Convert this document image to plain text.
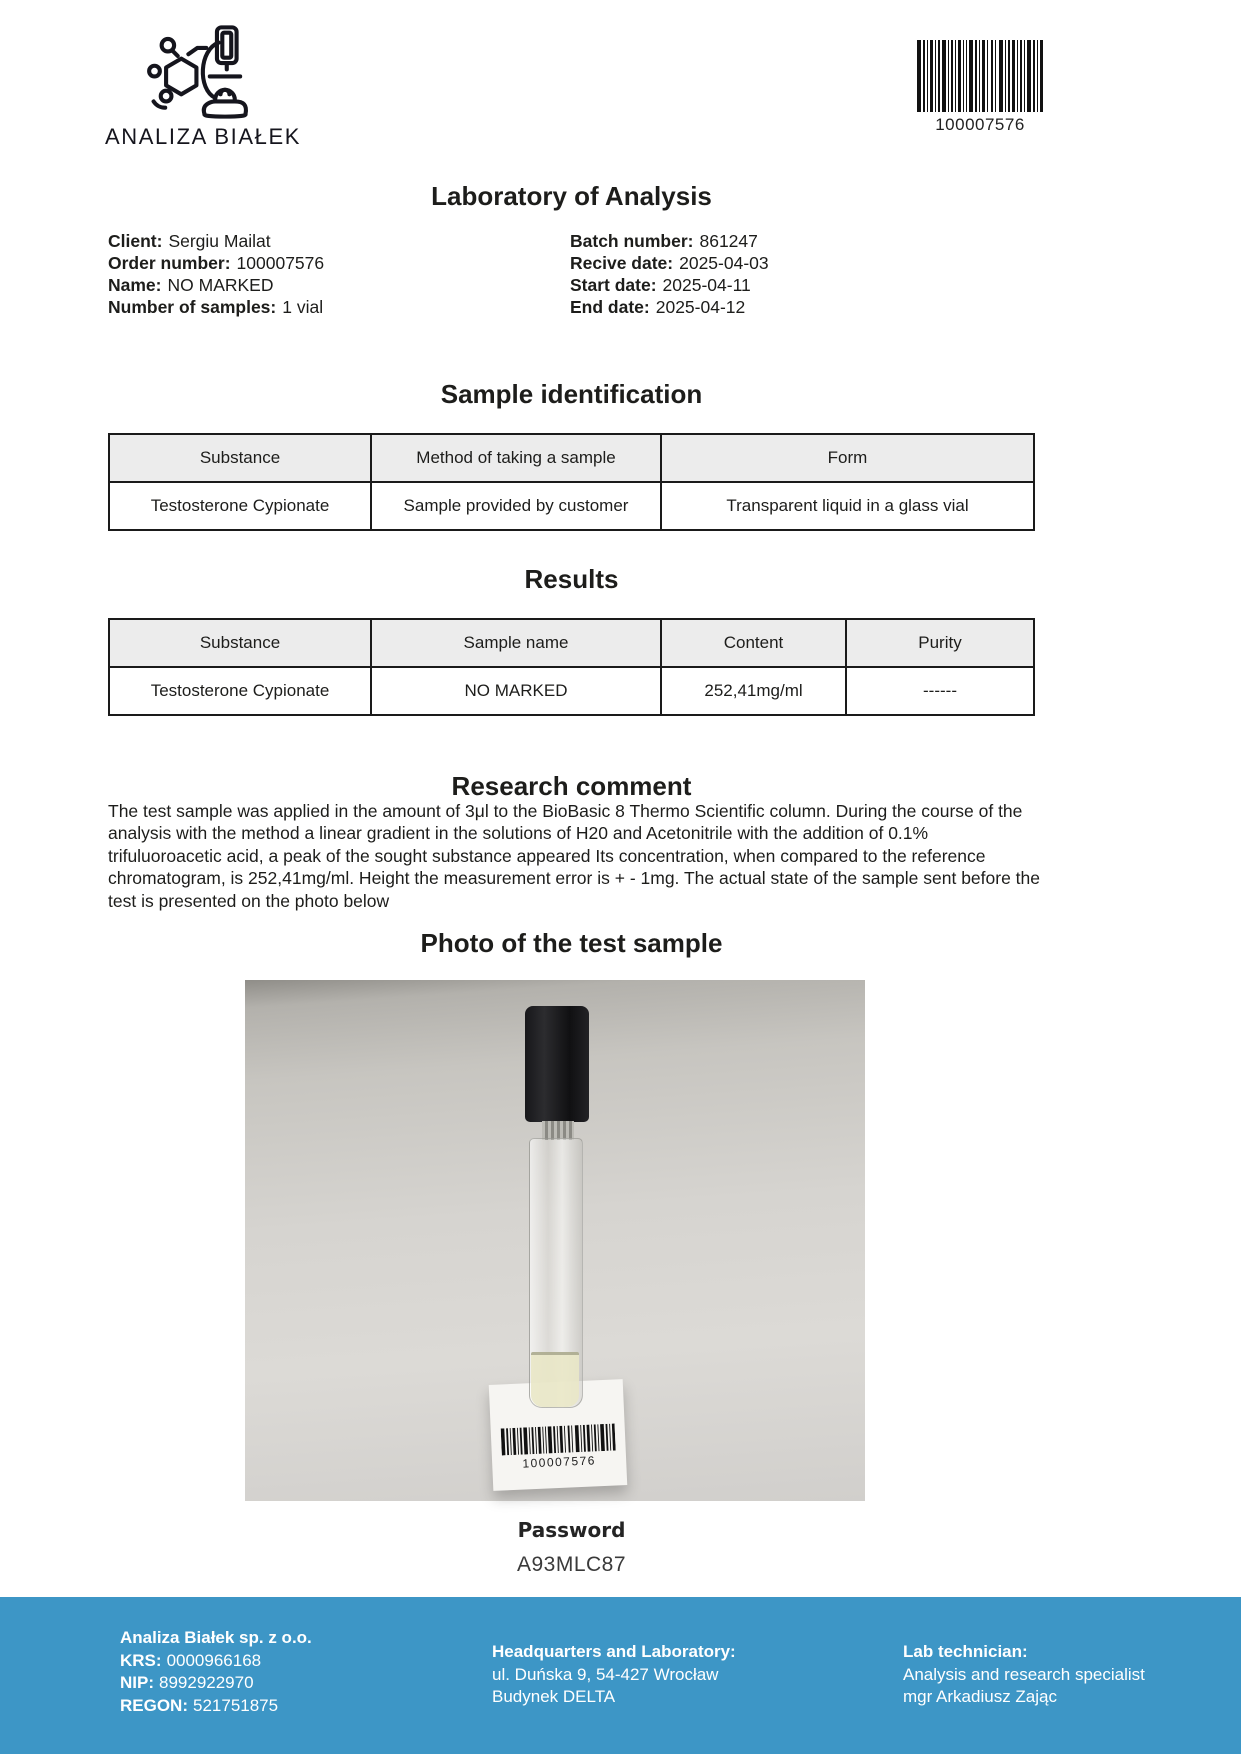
ANALIZA BIAŁEK	100007576
Laboratory of Analysis
Client: Sergiu Mailat
Order number: 100007576
Name: NO MARKED
Number of samples: 1 vial
Batch number: 861247
Recive date: 2025-04-03
Start date: 2025-04-11
End date: 2025-04-12
Sample identification
Substance	Method of taking a sample	Form
Testosterone Cypionate	Sample provided by customer	Transparent liquid in a glass vial
Results
Substance	Sample name	Content	Purity
Testosterone Cypionate	NO MARKED	252,41mg/ml	------
Research comment

The test sample was applied in the amount of 3μl to the BioBasic 8 Thermo Scientific column. During the course of the analysis with the method a linear gradient in the solutions of H20 and Acetonitrile with the addition of 0.1% trifuluoroacetic acid, a peak of the sought substance appeared Its concentration, when compared to the reference chromatogram, is 252,41mg/ml. Height the measurement error is + - 1mg. The actual state of the sample sent before the test is presented on the photo below

Photo of the test sample
100007576
Password
A93MLC87
Analiza Białek sp. z o.o.
KRS: 0000966168
NIP: 8992922970
REGON: 521751875
Headquarters and Laboratory:
ul. Duńska 9, 54-427 Wrocław
Budynek DELTA
Lab technician:
Analysis and research specialist
mgr Arkadiusz Zając
